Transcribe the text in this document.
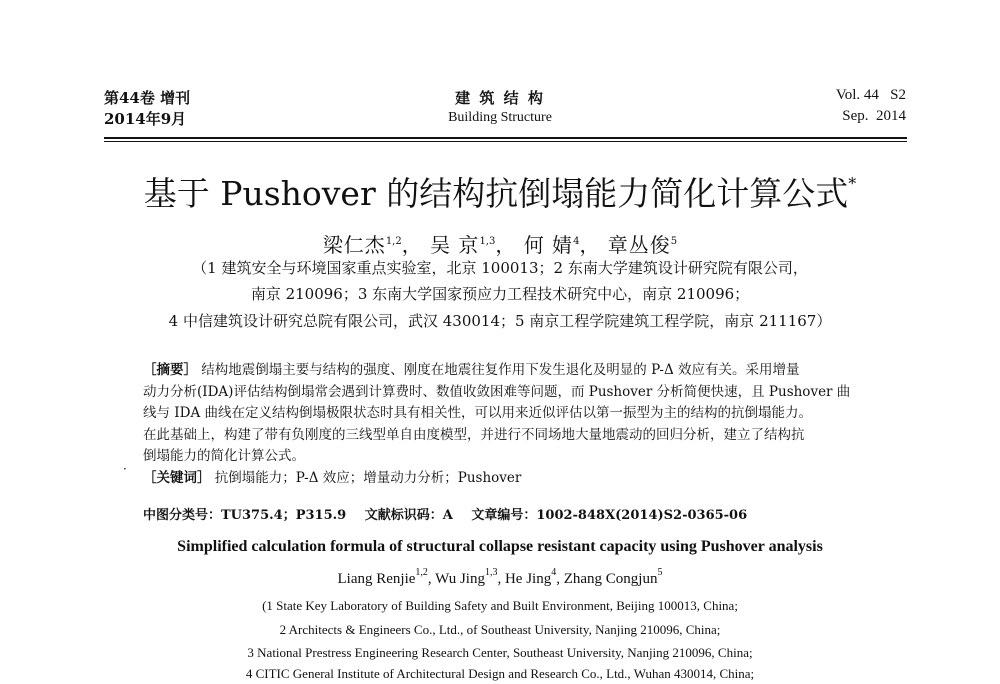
第44卷 增刊
2014年9月
建 筑 结 构
Building Structure
Vol. 44   S2
Sep.  2014
基于 Pushover 的结构抗倒塌能力简化计算公式*
梁仁杰$^{1,2}$， 吴 京$^{1,3}$， 何 婧$^4$， 章丛俊$^5$
（1 建筑安全与环境国家重点实验室，北京 100013；2 东南大学建筑设计研究院有限公司，
南京 210096；3 东南大学国家预应力工程技术研究中心，南京 210096；
4 中信建筑设计研究总院有限公司，武汉 430014；5 南京工程学院建筑工程学院，南京 211167）
［摘要］ 结构地震倒塌主要与结构的强度、刚度在地震往复作用下发生退化及明显的 P-Δ 效应有关。采用增量
动力分析(IDA)评估结构倒塌常会遇到计算费时、数值收敛困难等问题，而 Pushover 分析简便快速，且 Pushover 曲
线与 IDA 曲线在定义结构倒塌极限状态时具有相关性，可以用来近似评估以第一振型为主的结构的抗倒塌能力。
在此基础上，构建了带有负刚度的三线型单自由度模型，并进行不同场地大量地震动的回归分析，建立了结构抗
倒塌能力的简化计算公式。
［关键词］ 抗倒塌能力；P-Δ 效应；增量动力分析；Pushover
·
中图分类号：TU375.4；P315.9 文献标识码：A 文章编号：1002-848X(2014)S2-0365-06
Simplified calculation formula of structural collapse resistant capacity using Pushover analysis
Liang Renjie$^{1,2}$, Wu Jing$^{1,3}$, He Jing$^4$, Zhang Congjun$^5$
(1 State Key Laboratory of Building Safety and Built Environment, Beijing 100013, China;
2 Architects & Engineers Co., Ltd., of Southeast University, Nanjing 210096, China;
3 National Prestress Engineering Research Center, Southeast University, Nanjing 210096, China;
4 CITIC General Institute of Architectural Design and Research Co., Ltd., Wuhan 430014, China;
